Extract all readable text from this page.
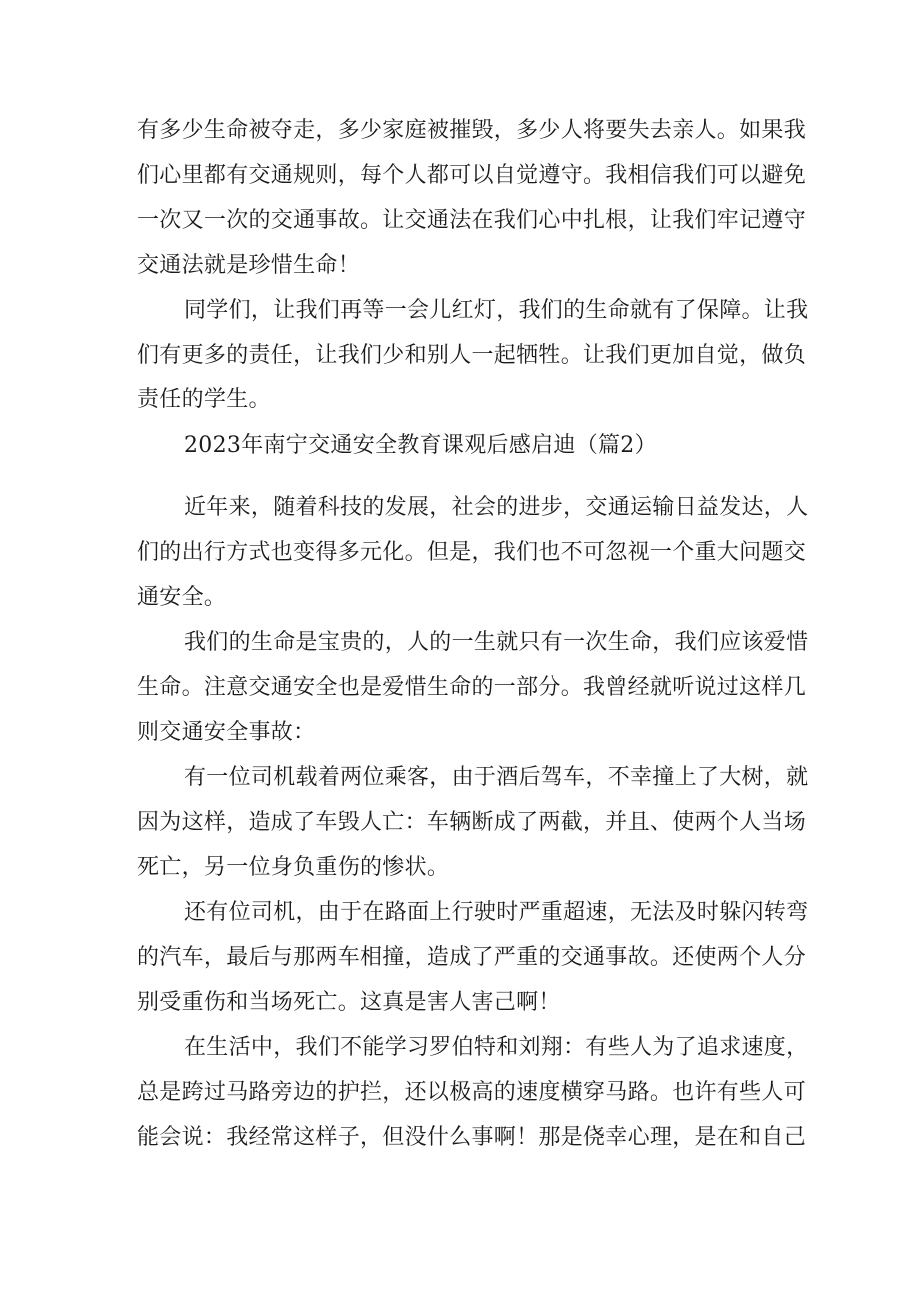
有多少生命被夺走，多少家庭被摧毁，多少人将要失去亲人。如果我
们心里都有交通规则，每个人都可以自觉遵守。我相信我们可以避免
一次又一次的交通事故。让交通法在我们心中扎根，让我们牢记遵守
交通法就是珍惜生命！
同学们，让我们再等一会儿红灯，我们的生命就有了保障。让我
们有更多的责任，让我们少和别人一起牺牲。让我们更加自觉，做负
责任的学生。
2023年南宁交通安全教育课观后感启迪（篇2）
近年来，随着科技的发展，社会的进步，交通运输日益发达，人
们的出行方式也变得多元化。但是，我们也不可忽视一个重大问题交
通安全。
我们的生命是宝贵的，人的一生就只有一次生命，我们应该爱惜
生命。注意交通安全也是爱惜生命的一部分。我曾经就听说过这样几
则交通安全事故：
有一位司机载着两位乘客，由于酒后驾车，不幸撞上了大树，就
因为这样，造成了车毁人亡：车辆断成了两截，并且、使两个人当场
死亡，另一位身负重伤的惨状。
还有位司机，由于在路面上行驶时严重超速，无法及时躲闪转弯
的汽车，最后与那两车相撞，造成了严重的交通事故。还使两个人分
别受重伤和当场死亡。这真是害人害己啊！
在生活中，我们不能学习罗伯特和刘翔：有些人为了追求速度，
总是跨过马路旁边的护拦，还以极高的速度横穿马路。也许有些人可
能会说：我经常这样子，但没什么事啊！那是侥幸心理，是在和自己
